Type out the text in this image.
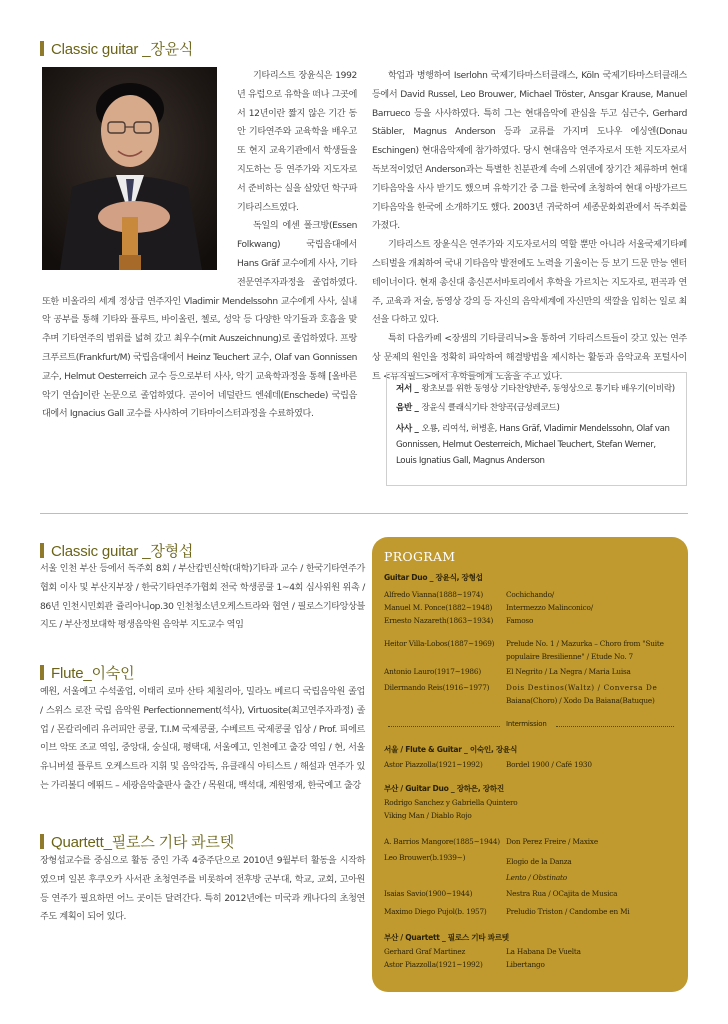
Classic guitar _장윤식

기타리스트 장윤식은 1992년 유럽으로 유학을 떠나 그곳에서 12년이란 짧지 않은 기간 동안 기타연주와 교육학을 배우고 또 현지 교육기관에서 학생들을 지도하는 등 연주가와 지도자로서 준비하는 실을 살았던 학구파 기타리스트였다.

독일의 에센 폴크방(Essen Folkwang) 국립음대에서 Hans Gräf 교수에게 사사, 기타전문연주자과정을 졸업하였다. 또한 비올라의 세계 정상급 연주자인 Vladimir Mendelssohn 교수에게 사사, 실내악 공부를 통해 기타와 플루트, 바이올린, 첼로, 성악 등 다양한 악기들과 호흡을 맞추며 기타연주의 범위를 넓혀 갔고 최우수(mit Auszeichnung)로 졸업하였다. 프랑크푸르트(Frankfurt/M) 국립음대에서 Heinz Teuchert 교수, Olaf van Gonnissen 교수, Helmut Oesterreich 교수 등으로부터 사사, 악기 교육학과정을 통해 [올바른 악기 연습]이란 논문으로 졸업하였다. 곧이어 네덜란드 엔쉐데(Enschede) 국립음대에서 Ignacius Gall 교수를 사사하여 기타마이스터과정을 수료하였다.

학업과 병행하여 Iserlohn 국제기타마스터클래스, Köln 국제기타마스터클래스 등에서 David Russel, Leo Brouwer, Michael Tröster, Ansgar Krause, Manuel Barrueco 등을 사사하였다. 특히 그는 현대음악에 관심을 두고 심근수, Gerhard Stäbler, Magnus Anderson 등과 교류를 가지며 도나우 에싱엔(Donau Eschingen) 현대음악제에 참가하였다. 당시 현대음악 연주자로서 또한 지도자로서 독보적이었던 Anderson과는 특별한 친분관계 속에 스위덴에 장기간 체류하며 현대기타음악을 사사 받기도 했으며 유학기간 중 그를 한국에 초청하여 현대 아방가르드 기타음악을 한국에 소개하기도 했다. 2003년 귀국하여 세종문화회관에서 독주회를 가졌다.

기타리스트 장윤식은 연주가와 지도자로서의 역할 뿐만 아니라 서울국제기타페스티벌을 개최하여 국내 기타음악 발전에도 노력을 기울이는 등 보기 드문 만능 엔터테이너이다. 현재 총신대 총신콘서바토리에서 후학을 가르치는 지도자로, 편곡과 연주, 교육과 저술, 동영상 강의 등 자신의 음악세계에 자신만의 색깔을 입히는 일로 최선을 다하고 있다.

특히 다음카페 <장샘의 기타클리닉>을 통하여 기타리스트들이 갖고 있는 연주상 문제의 원인을 정확히 파악하여 해결방법을 제시하는 활동과 음악교육 포털사이트 <뮤직필드>에서 후학들에게 도움을 주고 있다.

저서 _ 왕초보를 위한 동영상 기타찬양반주, 동영상으로 통기타 배우기(이비락)
음반 _ 장윤식 클래식기타 찬양곡(금성레코드)
사사 _ 오룡, 리여석, 허병훈, Hans Gräf, Vladimir Mendelssohn, Olaf van Gonnissen, Helmut Oesterreich, Michael Teuchert, Stefan Werner, Louis Ignatius Gall, Magnus Anderson
Classic guitar _장형섭

서울 인천 부산 등에서 독주회 8회 / 부산캅빈신학(대학)기타과 교수 / 한국기타연주가협회 이사 및 부산지부장 / 한국기타연주가협회 전국 학생콩쿨 1~4회 심사위원 위촉 / 86년 인천시민회관 쥴리아니op.30 인천청소년오케스트라와 협연 / 필로스기타앙상블 지도 / 부산정보대학 평생음악원 음악부 지도교수 역임

Flute_이숙인

예원, 서울예고 수석졸업, 이태리 로마 산타 체칠리아, 밀라노 베르디 국립음악원 졸업 / 스위스 로잔 국립 음악원 Perfectionnement(석사), Virtuosite(최고연주자과정) 졸업 / 몬칼리에리 유러피안 콩쿨, T.I.M 국제콩쿨, 수베르트 국제콩쿨 입상 / Prof. 피에르 이브 악또 조교 역임, 중앙대, 숭실대, 평택대, 서울예고, 인천예고 출강 역임 / 현, 서울 유니버셜 플루트 오케스트라 지휘 및 음악감독, 유클래식 아티스트 / 해설과 연주가 있는 가리볼디 에뛰드 – 세광음악출판사 출간 / 목원대, 백석대, 계원영재, 한국예고 출강

Quartett_필로스 기타 콰르텟

장형섭교수를 중심으로 활동 중인 가족 4중주단으로 2010년 9월부터 활동을 시작하였으며 일본 후쿠오카 사서관 초청연주를 비롯하여 전후방 군부대, 학교, 교회, 고아원 등 연주가 필요하면 어느 곳이든 달려간다. 특히 2012년에는 미국과 캐나다의 초청연주도 계획이 되어 있다.

PROGRAM
Guitar Duo _ 장윤식, 장형섭
Alfredo Vianna(1888~1974)	Cochichando/
Manuel M. Ponce(1882~1948) Intermezzo Malinconico/
Ernesto Nazareth(1863~1934) Famoso
Heitor Villa-Lobos(1887~1969) Prelude No. 1 / Mazurka – Choro from "Suite
populaire Bresilienne" / Etude No. 7
Antonio Lauro(1917~1986)	El Negrito / La Negra / Maria Luisa
Dilermando Reis(1916~1977) Dois Destinos(Waltz) / Conversa De
Baiana(Choro) / Xodo Da Baiana(Batuque)
Intermission
서울 / Flute & Guitar _ 이숙인, 장윤식
Astor Piazzolla(1921~1992)	Bordel 1900 / Café 1930
부산 / Guitar Duo _ 장하은, 장하진
Rodrigo Sanchez y Gabriella Quintero
Viking Man / Diablo Rojo
A. Barrios Mangore(1885~1944) Don Perez Freire / Maxixe
Leo Brouwer(b.1939~)	Elogio de la Danza
Lento / Obstinato
Isaias Savio(1900~1944)	Nestra Rua / OCajita de Musica
Maximo Diego Pujol(b. 1957)	Preludio Triston / Candombe en Mi
부산 / Quartett _ 필로스 기타 콰르텟
Gerhard Graf Martinez	La Habana De Vuelta
Astor Piazzolla(1921~1992)	Libertango
